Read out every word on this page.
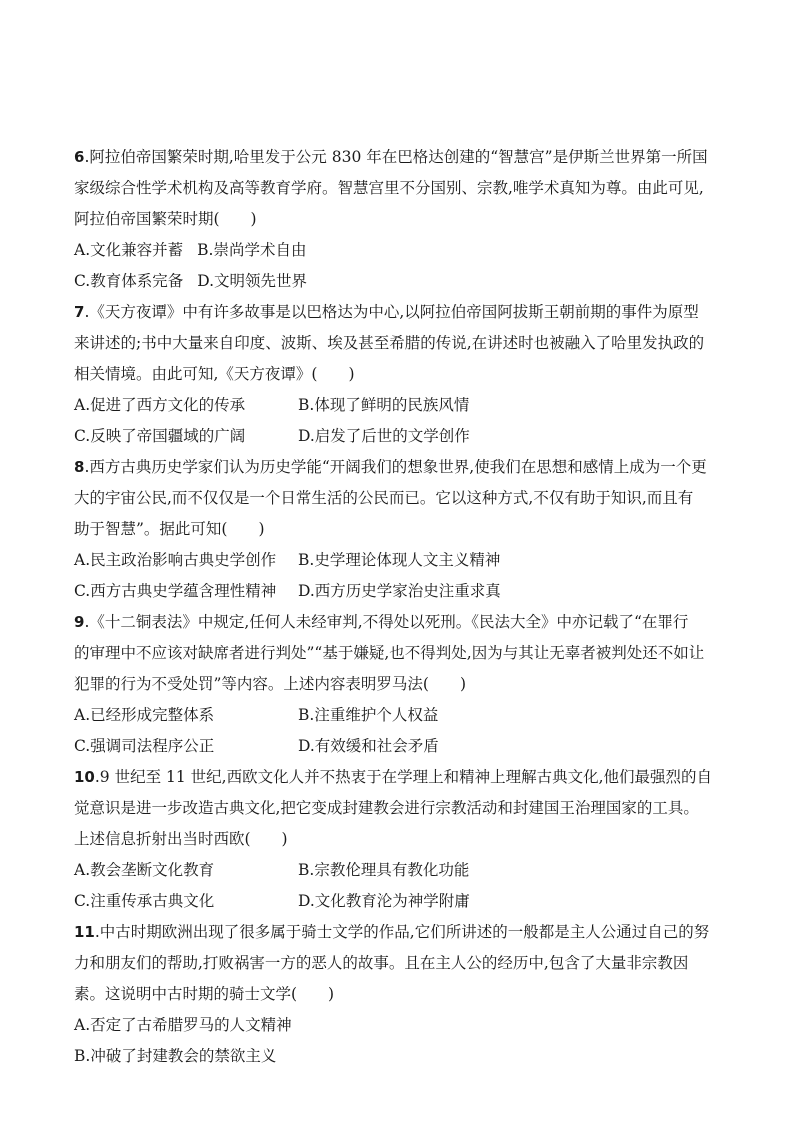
6.阿拉伯帝国繁荣时期,哈里发于公元 830 年在巴格达创建的“智慧宫”是伊斯兰世界第一所国
家级综合性学术机构及高等教育学府。智慧宫里不分国别、宗教,唯学术真知为尊。由此可见,
阿拉伯帝国繁荣时期(　　)
A.文化兼容并蓄 B.崇尚学术自由
C.教育体系完备 D.文明领先世界
7.《天方夜谭》中有许多故事是以巴格达为中心,以阿拉伯帝国阿拔斯王朝前期的事件为原型
来讲述的;书中大量来自印度、波斯、埃及甚至希腊的传说,在讲述时也被融入了哈里发执政的
相关情境。由此可知,《天方夜谭》(　　)
A.促进了西方文化的传承	B.体现了鲜明的民族风情
C.反映了帝国疆域的广阔	D.启发了后世的文学创作
8.西方古典历史学家们认为历史学能“开阔我们的想象世界,使我们在思想和感情上成为一个更
大的宇宙公民,而不仅仅是一个日常生活的公民而已。它以这种方式,不仅有助于知识,而且有
助于智慧”。据此可知(　　)
A.民主政治影响古典史学创作 B.史学理论体现人文主义精神
C.西方古典史学蕴含理性精神 D.西方历史学家治史注重求真
9.《十二铜表法》中规定,任何人未经审判,不得处以死刑。《民法大全》中亦记载了“在罪行
的审理中不应该对缺席者进行判处”“基于嫌疑,也不得判处,因为与其让无辜者被判处还不如让
犯罪的行为不受处罚”等内容。上述内容表明罗马法(　　)
A.已经形成完整体系	B.注重维护个人权益
C.强调司法程序公正	D.有效缓和社会矛盾
10.9 世纪至 11 世纪,西欧文化人并不热衷于在学理上和精神上理解古典文化,他们最强烈的自
觉意识是进一步改造古典文化,把它变成封建教会进行宗教活动和封建国王治理国家的工具。
上述信息折射出当时西欧(　　)
A.教会垄断文化教育	B.宗教伦理具有教化功能
C.注重传承古典文化	D.文化教育沦为神学附庸
11.中古时期欧洲出现了很多属于骑士文学的作品,它们所讲述的一般都是主人公通过自己的努
力和朋友们的帮助,打败祸害一方的恶人的故事。且在主人公的经历中,包含了大量非宗教因
素。这说明中古时期的骑士文学(　　)
A.否定了古希腊罗马的人文精神
B.冲破了封建教会的禁欲主义
